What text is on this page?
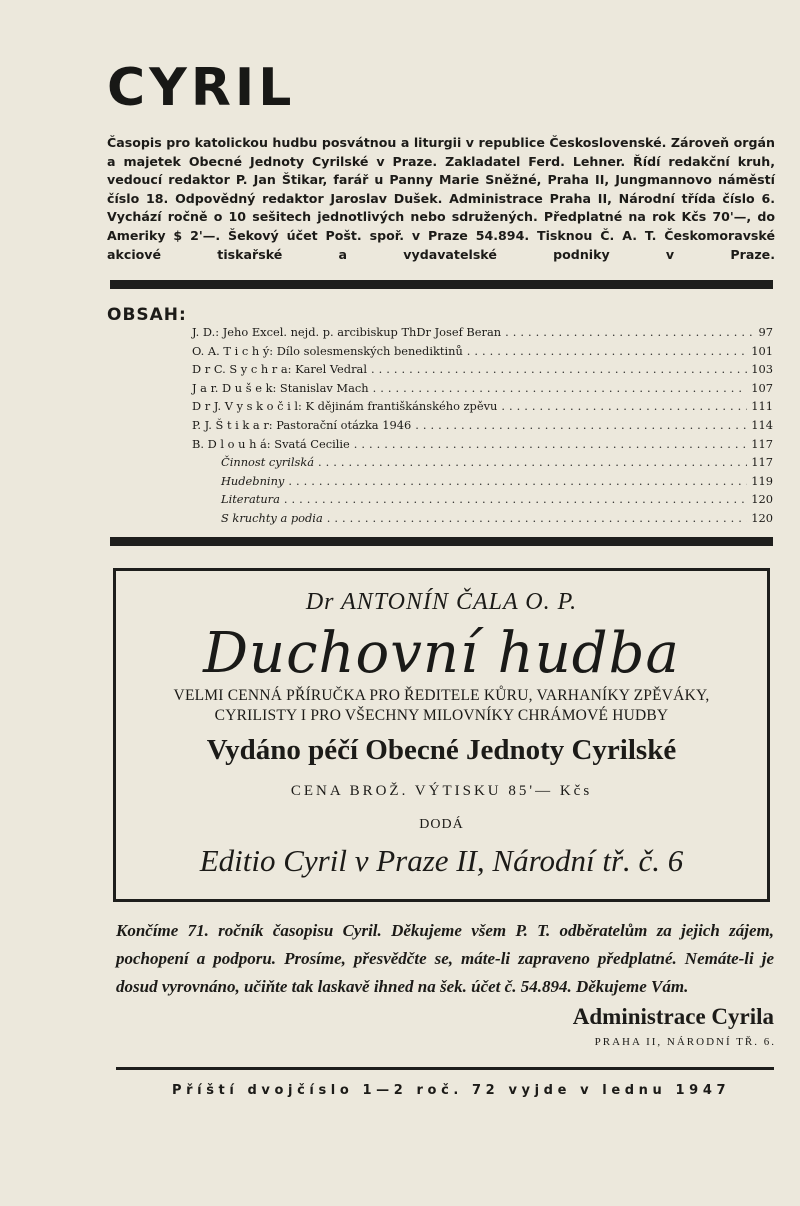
CYRIL
Časopis pro katolickou hudbu posvátnou a liturgii v republice Československé. Zároveň orgán a majetek Obecné Jednoty Cyrilské v Praze. Zakladatel Ferd. Lehner. Řídí redakční kruh, vedoucí redaktor P. Jan Štikar, farář u Panny Marie Sněžné, Praha II, Jungmannovo náměstí číslo 18. Odpovědný redaktor Jaroslav Dušek. Administrace Praha II, Národní třída číslo 6. Vychází ročně o 10 sešitech jednotlivých nebo sdružených. Předplatné na rok Kčs 70'—, do Ameriky $ 2'—. Šekový účet Pošt. spoř. v Praze 54.894. Tisknou Č. A. T. Českomoravské akciové tiskařské a vydavatelské podniky v Praze.
OBSAH:
J. D.: Jeho Excel. nejd. p. arcibiskup ThDr Josef Beran .....	97
O. A. T i c h ý: Dílo solesmenských benediktinů .....	101
D r C. S y c h r a: Karel Vedral .....	103
J a r. D u š e k: Stanislav Mach .....	107
D r J. V y s k o č i l: K dějinám františkánského zpěvu .....	111
P. J. Š t i k a r: Pastorační otázka 1946 .....	114
B. D l o u h á: Svatá Cecilie .....	117
Činnost cyrilská .....	117
Hudebniny .....	119
Literatura .....	120
S kruchty a podia .....	120
Dr ANTONÍN ČALA O. P.
Duchovní hudba
VELMI CENNÁ PŘÍRUČKA PRO ŘEDITELE KŮRU, VARHANÍKY ZPĚVÁKY,
CYRILISTY I PRO VŠECHNY MILOVNÍKY CHRÁMOVÉ HUDBY
Vydáno péčí Obecné Jednoty Cyrilské
CENA BROŽ. VÝTISKU 85'— Kčs
DODÁ
Editio Cyril v Praze II, Národní tř. č. 6
Končíme 71. ročník časopisu Cyril. Děkujeme všem P. T. odběratelům za jejich zájem, pochopení a podporu. Prosíme, přesvědčte se, máte-li zapraveno předplatné. Nemáte-li je dosud vyrovnáno, učiňte tak laskavě ihned na šek. účet č. 54.894. Děkujeme Vám.
Administrace Cyrila
PRAHA II, NÁRODNÍ TŘ. 6.
Příští dvojčíslo 1—2 roč. 72 vyjde v lednu 1947
